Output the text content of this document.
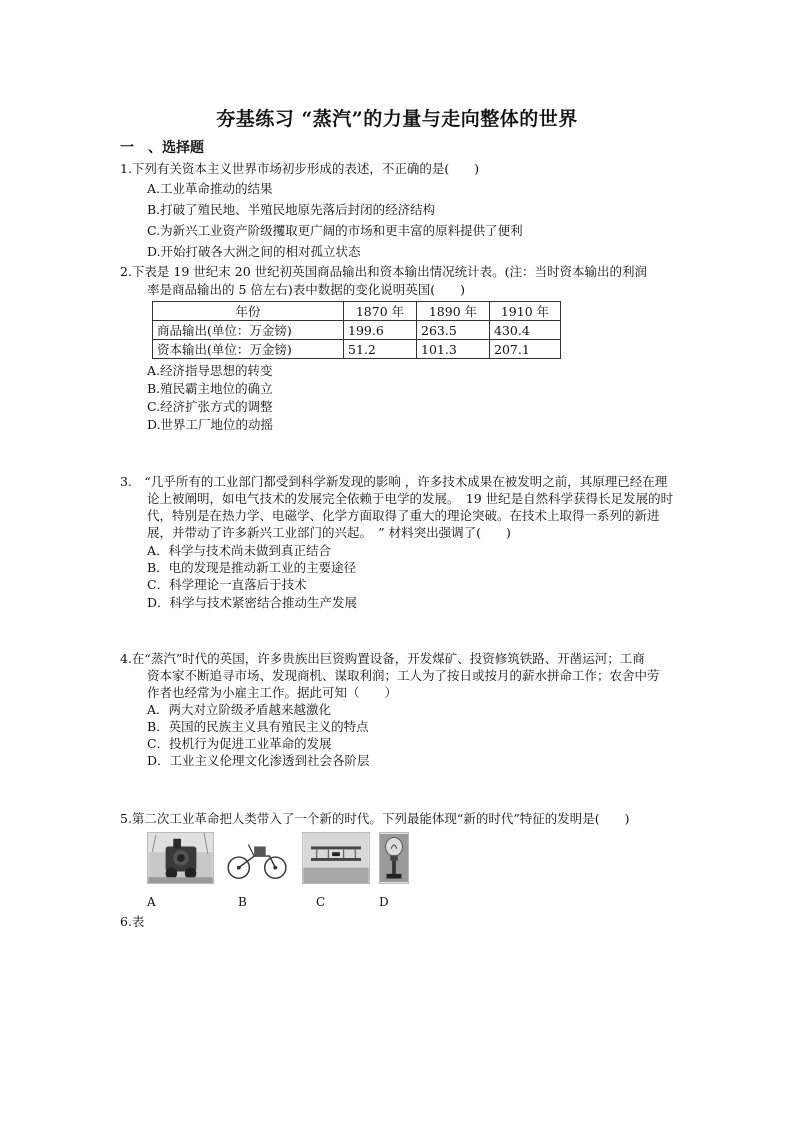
夯基练习 “蒸汽”的力量与走向整体的世界
一　、选择题
1.下列有关资本主义世界市场初步形成的表述，不正确的是(　　)
A.工业革命推动的结果
B.打破了殖民地、半殖民地原先落后封闭的经济结构
C.为新兴工业资产阶级攫取更广阔的市场和更丰富的原料提供了便利
D.开始打破各大洲之间的相对孤立状态
2.下表是 19 世纪末 20 世纪初英国商品输出和资本输出情况统计表。(注：当时资本输出的利润
率是商品输出的 5 倍左右)表中数据的变化说明英国(　　)
年份	1870 年	1890 年	1910 年
商品输出(单位：万金镑)	199.6	263.5	430.4
资本输出(单位：万金镑)	51.2	101.3	207.1
A.经济指导思想的转变
B.殖民霸主地位的确立
C.经济扩张方式的调整
D.世界工厂地位的动摇
3.　“几乎所有的工业部门都受到科学新发现的影响 ，许多技术成果在被发明之前，其原理已经在理
论上被阐明，如电气技术的发展完全依赖于电学的发展。　19 世纪是自然科学获得长足发展的时
代，特别是在热力学、电磁学、化学方面取得了重大的理论突破。在技术上取得一系列的新进
展，并带动了许多新兴工业部门的兴起。　” 材料突出强调了(　　)
A．科学与技术尚未做到真正结合
B．电的发现是推动新工业的主要途径
C．科学理论一直落后于技术
D．科学与技术紧密结合推动生产发展
4.在“蒸汽”时代的英国，许多贵族出巨资购置设备，开发煤矿、投资修筑铁路、开凿运河；工商
资本家不断追寻市场、发现商机、谋取利润；工人为了按日或按月的薪水拼命工作；农舍中劳
作者也经常为小雇主工作。据此可知（　　）
A．两大对立阶级矛盾越来越激化
B．英国的民族主义具有殖民主义的特点
C．投机行为促进工业革命的发展
D．工业主义伦理文化渗透到社会各阶层
5.第二次工业革命把人类带入了一个新的时代。下列最能体现“新的时代”特征的发明是(　　)
A	B	C	D
6.表
